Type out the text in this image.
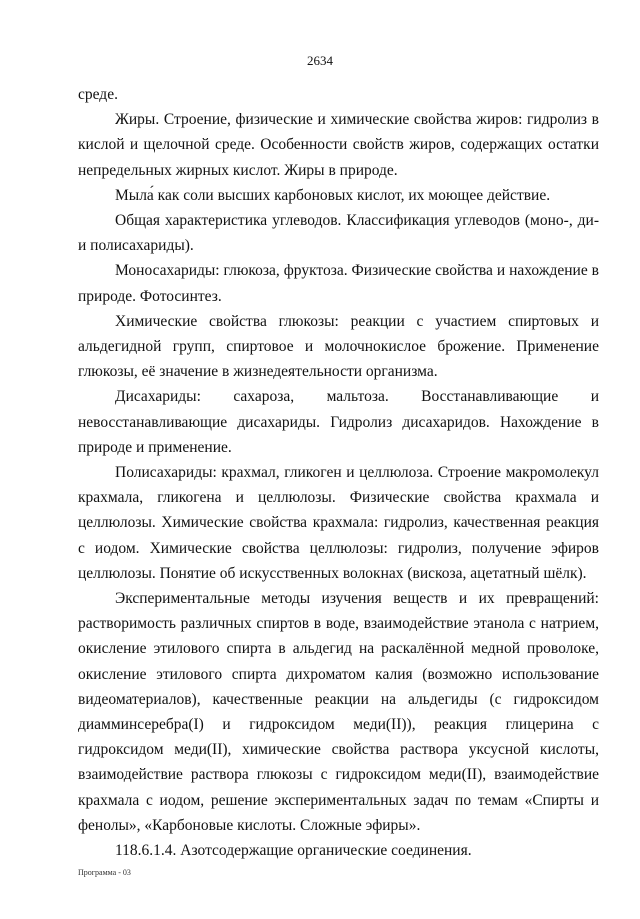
2634

среде.

Жиры. Строение, физические и химические свойства жиров: гидролиз в кислой и щелочной среде. Особенности свойств жиров, содержащих остатки непредельных жирных кислот. Жиры в природе.

Мыла́ как соли высших карбоновых кислот, их моющее действие.

Общая характеристика углеводов. Классификация углеводов (моно-, ди- и полисахариды).

Моносахариды: глюкоза, фруктоза. Физические свойства и нахождение в природе. Фотосинтез.

Химические свойства глюкозы: реакции с участием спиртовых и альдегидной групп, спиртовое и молочнокислое брожение. Применение глюкозы, её значение в жизнедеятельности организма.

Дисахариды: сахароза, мальтоза. Восстанавливающие и невосстанавливающие дисахариды. Гидролиз дисахаридов. Нахождение в природе и применение.

Полисахариды: крахмал, гликоген и целлюлоза. Строение макромолекул крахмала, гликогена и целлюлозы. Физические свойства крахмала и целлюлозы. Химические свойства крахмала: гидролиз, качественная реакция с иодом. Химические свойства целлюлозы: гидролиз, получение эфиров целлюлозы. Понятие об искусственных волокнах (вискоза, ацетатный шёлк).

Экспериментальные методы изучения веществ и их превращений: растворимость различных спиртов в воде, взаимодействие этанола с натрием, окисление этилового спирта в альдегид на раскалённой медной проволоке, окисление этилового спирта дихроматом калия (возможно использование видеоматериалов), качественные реакции на альдегиды (с гидроксидом диамминсеребра(I) и гидроксидом меди(II)), реакция глицерина с гидроксидом меди(II), химические свойства раствора уксусной кислоты, взаимодействие раствора глюкозы с гидроксидом меди(II), взаимодействие крахмала с иодом, решение экспериментальных задач по темам «Спирты и фенолы», «Карбоновые кислоты. Сложные эфиры».

118.6.1.4. Азотсодержащие органические соединения.

Программа - 03
